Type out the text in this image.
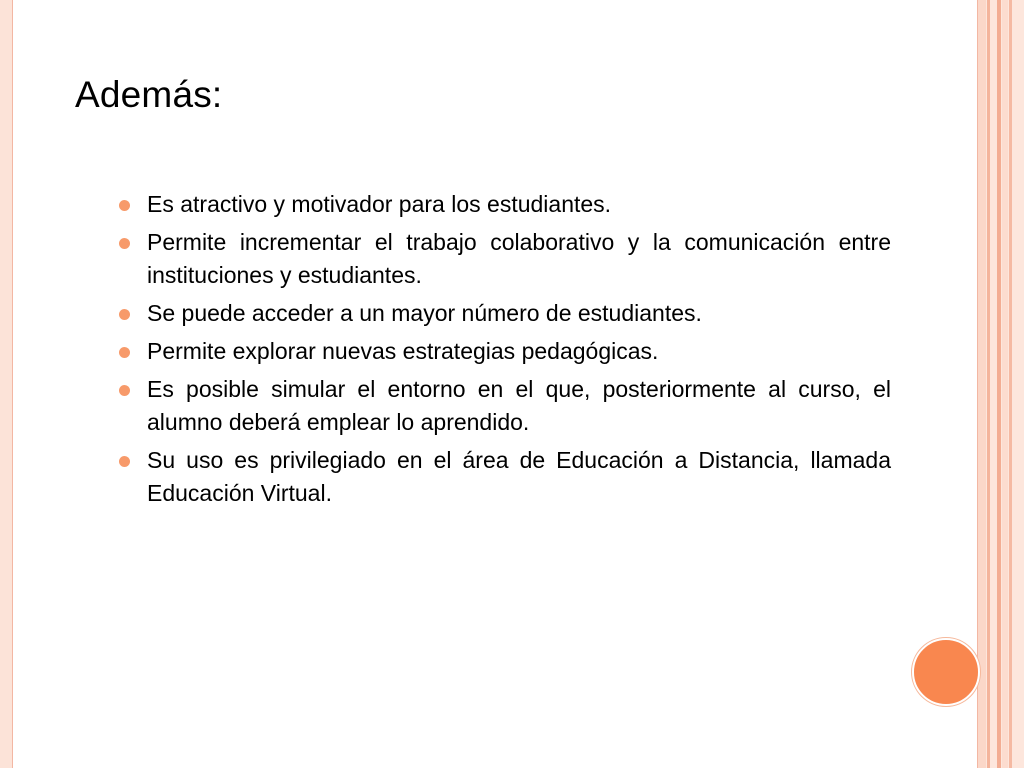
Además:
Es atractivo y motivador para los estudiantes.
Permite incrementar el trabajo colaborativo y la comunicación entre instituciones y estudiantes.
Se puede acceder a un mayor número de estudiantes.
Permite explorar nuevas estrategias pedagógicas.
Es posible simular el entorno en el que, posteriormente al curso, el alumno deberá emplear lo aprendido.
Su uso es privilegiado en el área de Educación a Distancia, llamada Educación Virtual.
